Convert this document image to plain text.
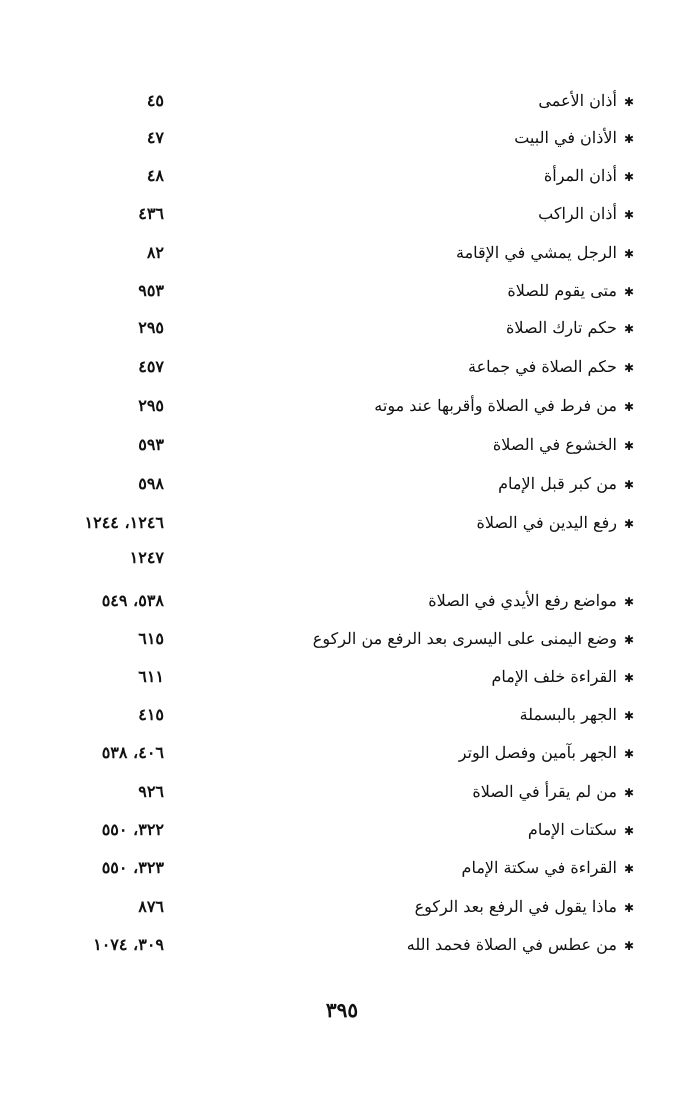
✱أذان الأعمى
٤٥
✱الأذان في البيت
٤٧
✱أذان المرأة
٤٨
✱أذان الراكب
٤٣٦
✱الرجل يمشي في الإقامة
٨٢
✱متى يقوم للصلاة
٩٥٣
✱حكم تارك الصلاة
٢٩٥
✱حكم الصلاة في جماعة
٤٥٧
✱من فرط في الصلاة وأقربها عند موته
٢٩٥
✱الخشوع في الصلاة
٥٩٣
✱من كبر قبل الإمام
٥٩٨
✱رفع اليدين في الصلاة
١٢٤٦، ١٢٤٤
١٢٤٧
✱مواضع رفع الأيدي في الصلاة
٥٣٨، ٥٤٩
✱وضع اليمنى على اليسرى بعد الرفع من الركوع
٦١٥
✱القراءة خلف الإمام
٦١١
✱الجهر بالبسملة
٤١٥
✱الجهر بآمين وفصل الوتر
٤٠٦، ٥٣٨
✱من لم يقرأ في الصلاة
٩٢٦
✱سكتات الإمام
٣٢٢، ٥٥٠
✱القراءة في سكتة الإمام
٣٢٣، ٥٥٠
✱ماذا يقول في الرفع بعد الركوع
٨٧٦
✱من عطس في الصلاة فحمد الله
٣٠٩، ١٠٧٤
٣٩٥
